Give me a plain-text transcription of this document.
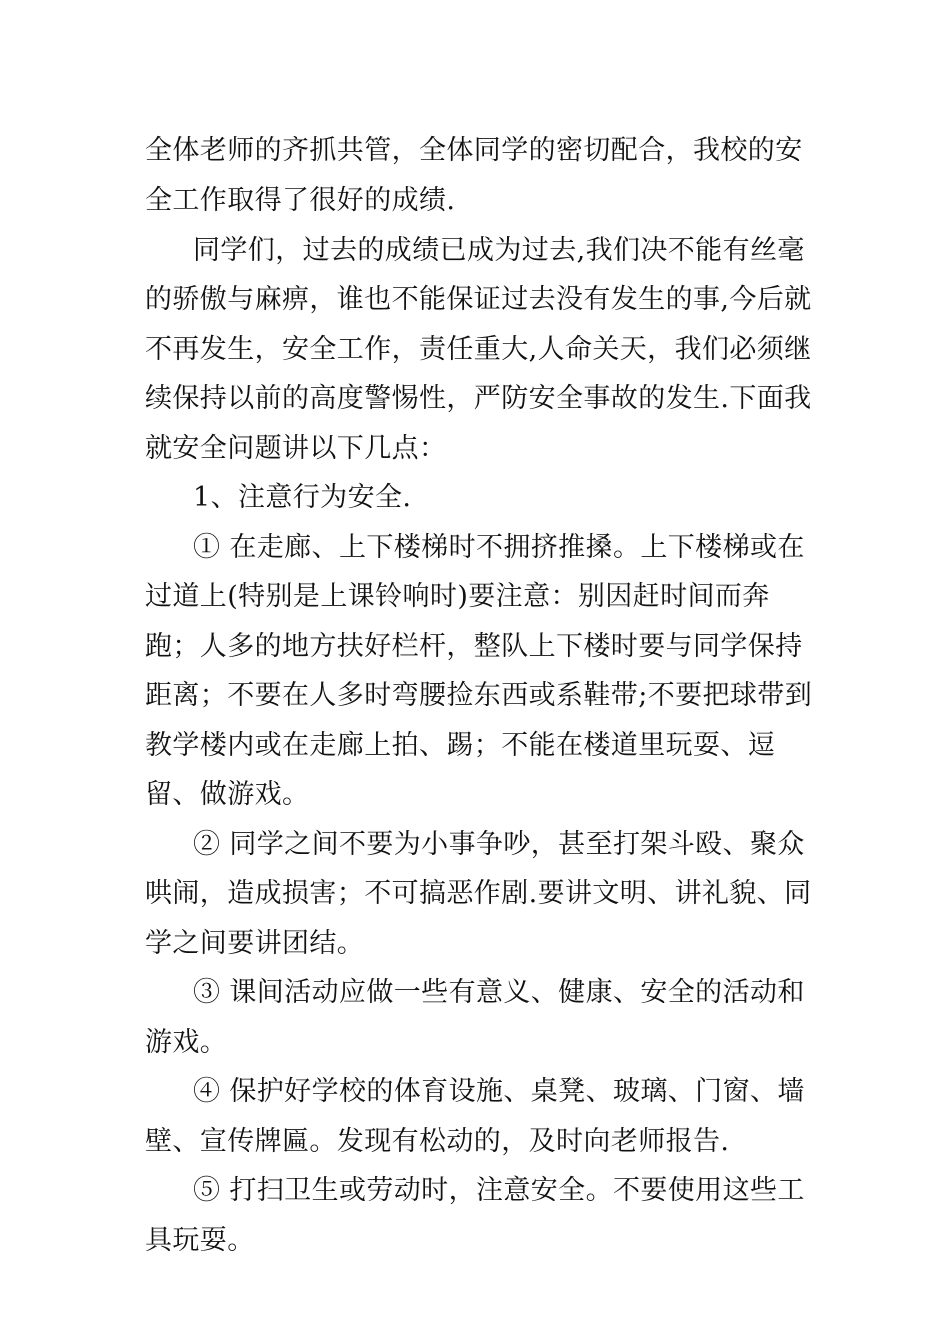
全体老师的齐抓共管，全体同学的密切配合，我校的安全工作取得了很好的成绩.

同学们，过去的成绩已成为过去,我们决不能有丝毫的骄傲与麻痹，谁也不能保证过去没有发生的事,今后就不再发生，安全工作，责任重大,人命关天，我们必须继续保持以前的高度警惕性，严防安全事故的发生.下面我就安全问题讲以下几点：

1、注意行为安全.

① 在走廊、上下楼梯时不拥挤推搡。上下楼梯或在过道上(特别是上课铃响时)要注意：别因赶时间而奔跑；人多的地方扶好栏杆，整队上下楼时要与同学保持距离；不要在人多时弯腰捡东西或系鞋带;不要把球带到教学楼内或在走廊上拍、踢；不能在楼道里玩耍、逗留、做游戏。

② 同学之间不要为小事争吵，甚至打架斗殴、聚众哄闹，造成损害；不可搞恶作剧.要讲文明、讲礼貌、同学之间要讲团结。

③ 课间活动应做一些有意义、健康、安全的活动和游戏。

④ 保护好学校的体育设施、桌凳、玻璃、门窗、墙壁、宣传牌匾。发现有松动的，及时向老师报告.

⑤ 打扫卫生或劳动时，注意安全。不要使用这些工具玩耍。
